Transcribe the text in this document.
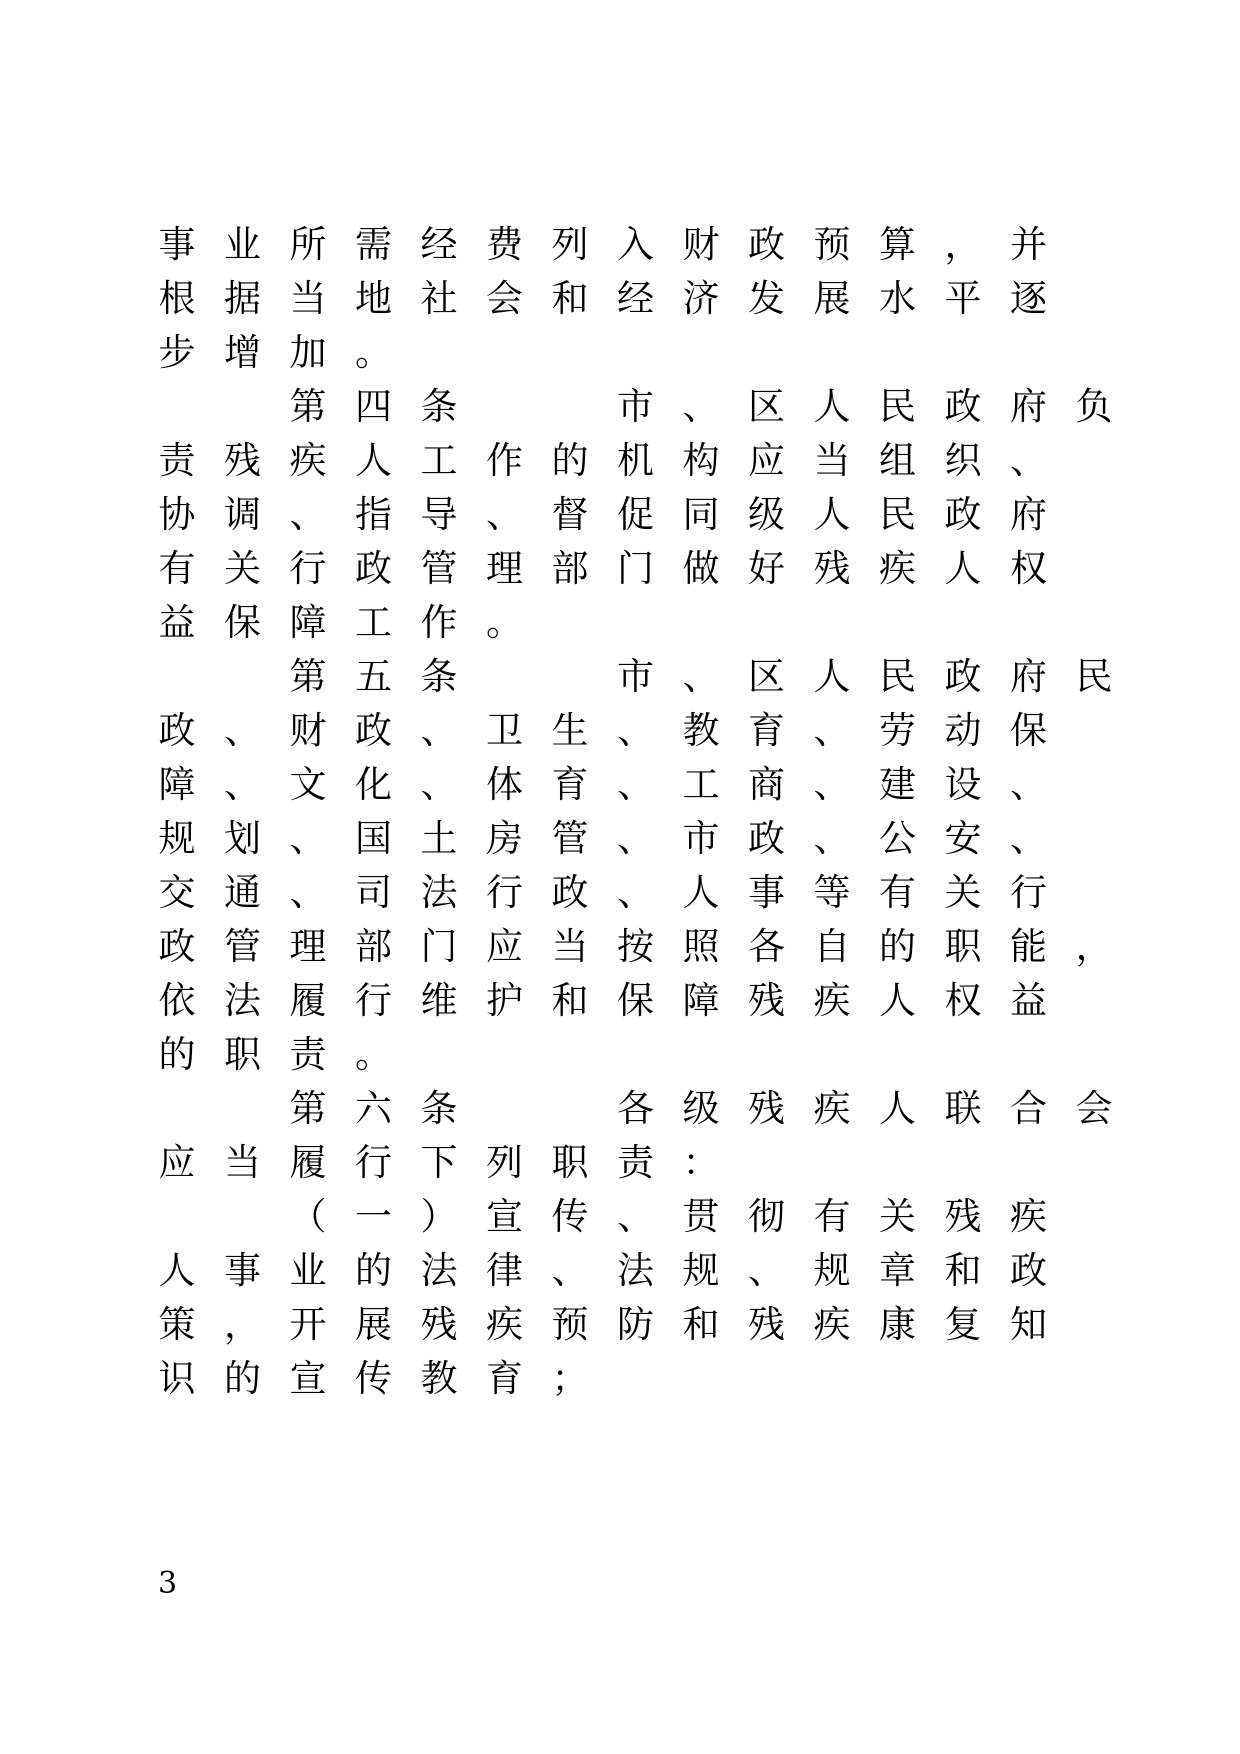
事 业 所 需 经 费 列 入 财 政 预 算 ， 并
根 据 当 地 社 会 和 经 济 发 展 水 平 逐
步 增 加 。
第 四 条	市 、 区 人 民 政 府 负
责 残 疾 人 工 作 的 机 构 应 当 组 织 、
协 调 、 指 导 、 督 促 同 级 人 民 政 府
有 关 行 政 管 理 部 门 做 好 残 疾 人 权
益 保 障 工 作 。
第 五 条	市 、 区 人 民 政 府 民
政 、 财 政 、 卫 生 、 教 育 、 劳 动 保
障 、 文 化 、 体 育 、 工 商 、 建 设 、
规 划 、 国 土 房 管 、 市 政 、 公 安 、
交 通 、 司 法 行 政 、 人 事 等 有 关 行
政 管 理 部 门 应 当 按 照 各 自 的 职 能 ，
依 法 履 行 维 护 和 保 障 残 疾 人 权 益
的 职 责 。
第 六 条	各 级 残 疾 人 联 合 会
应 当 履 行 下 列 职 责 ：
（ 一 ） 宣 传 、 贯 彻 有 关 残 疾
人 事 业 的 法 律 、 法 规 、 规 章 和 政
策 ， 开 展 残 疾 预 防 和 残 疾 康 复 知
识 的 宣 传 教 育 ；
3
